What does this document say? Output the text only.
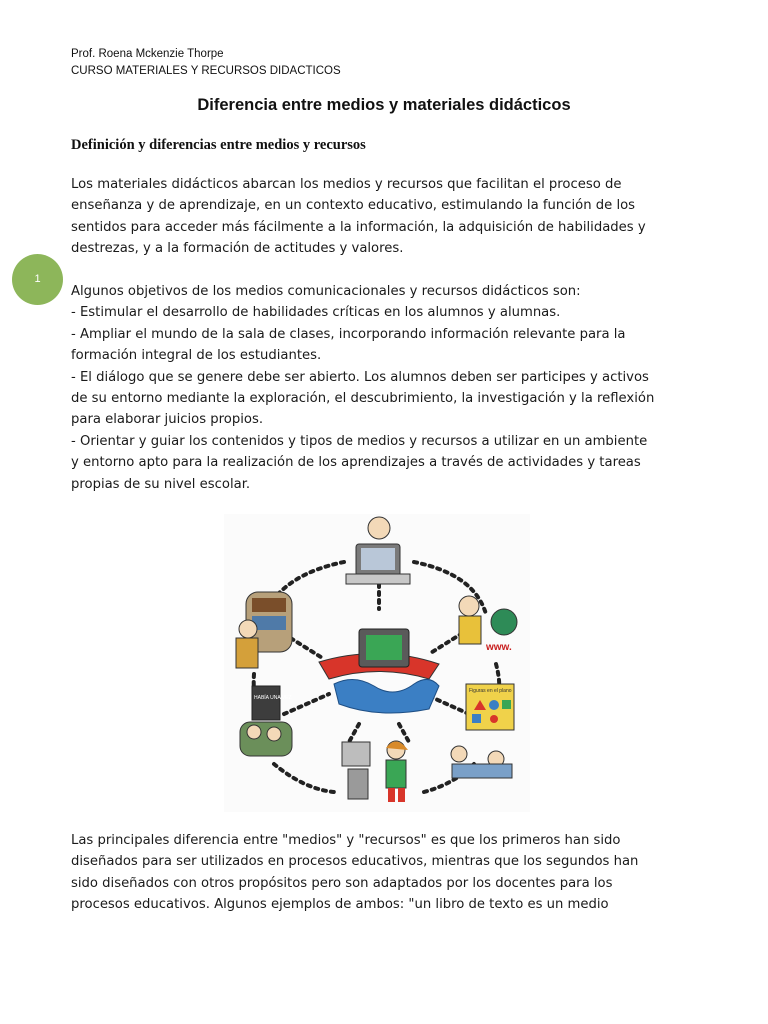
Prof. Roena Mckenzie Thorpe
CURSO MATERIALES Y RECURSOS DIDACTICOS
Diferencia entre medios y materiales didácticos
Definición y diferencias entre medios y recursos
1
Los materiales didácticos abarcan los medios y recursos que facilitan el proceso de
enseñanza y de aprendizaje, en un contexto educativo, estimulando la función de los
sentidos para acceder más fácilmente a la información, la adquisición de habilidades y
destrezas, y a la formación de actitudes y valores.
Algunos objetivos de los medios comunicacionales y recursos didácticos son:
- Estimular el desarrollo de habilidades críticas en los alumnos y alumnas.
- Ampliar el mundo de la sala de clases, incorporando información relevante para la
formación integral de los estudiantes.
- El diálogo que se genere debe ser abierto. Los alumnos deben ser participes y activos
de su entorno mediante la exploración, el descubrimiento, la investigación y la reflexión
para elaborar juicios propios.
- Orientar y guiar los contenidos y tipos de medios y recursos a utilizar en un ambiente
y entorno apto para la realización de los aprendizajes a través de actividades y tareas
propias de su nivel escolar.
www.
HABÍA UNA VEZ
Figuras en el plano
Las principales diferencia entre "medios" y "recursos" es que los primeros han sido
diseñados para ser utilizados en procesos educativos, mientras que los segundos han
sido diseñados con otros propósitos pero son adaptados por los docentes para los
procesos educativos. Algunos ejemplos de ambos: "un libro de texto es un medio
